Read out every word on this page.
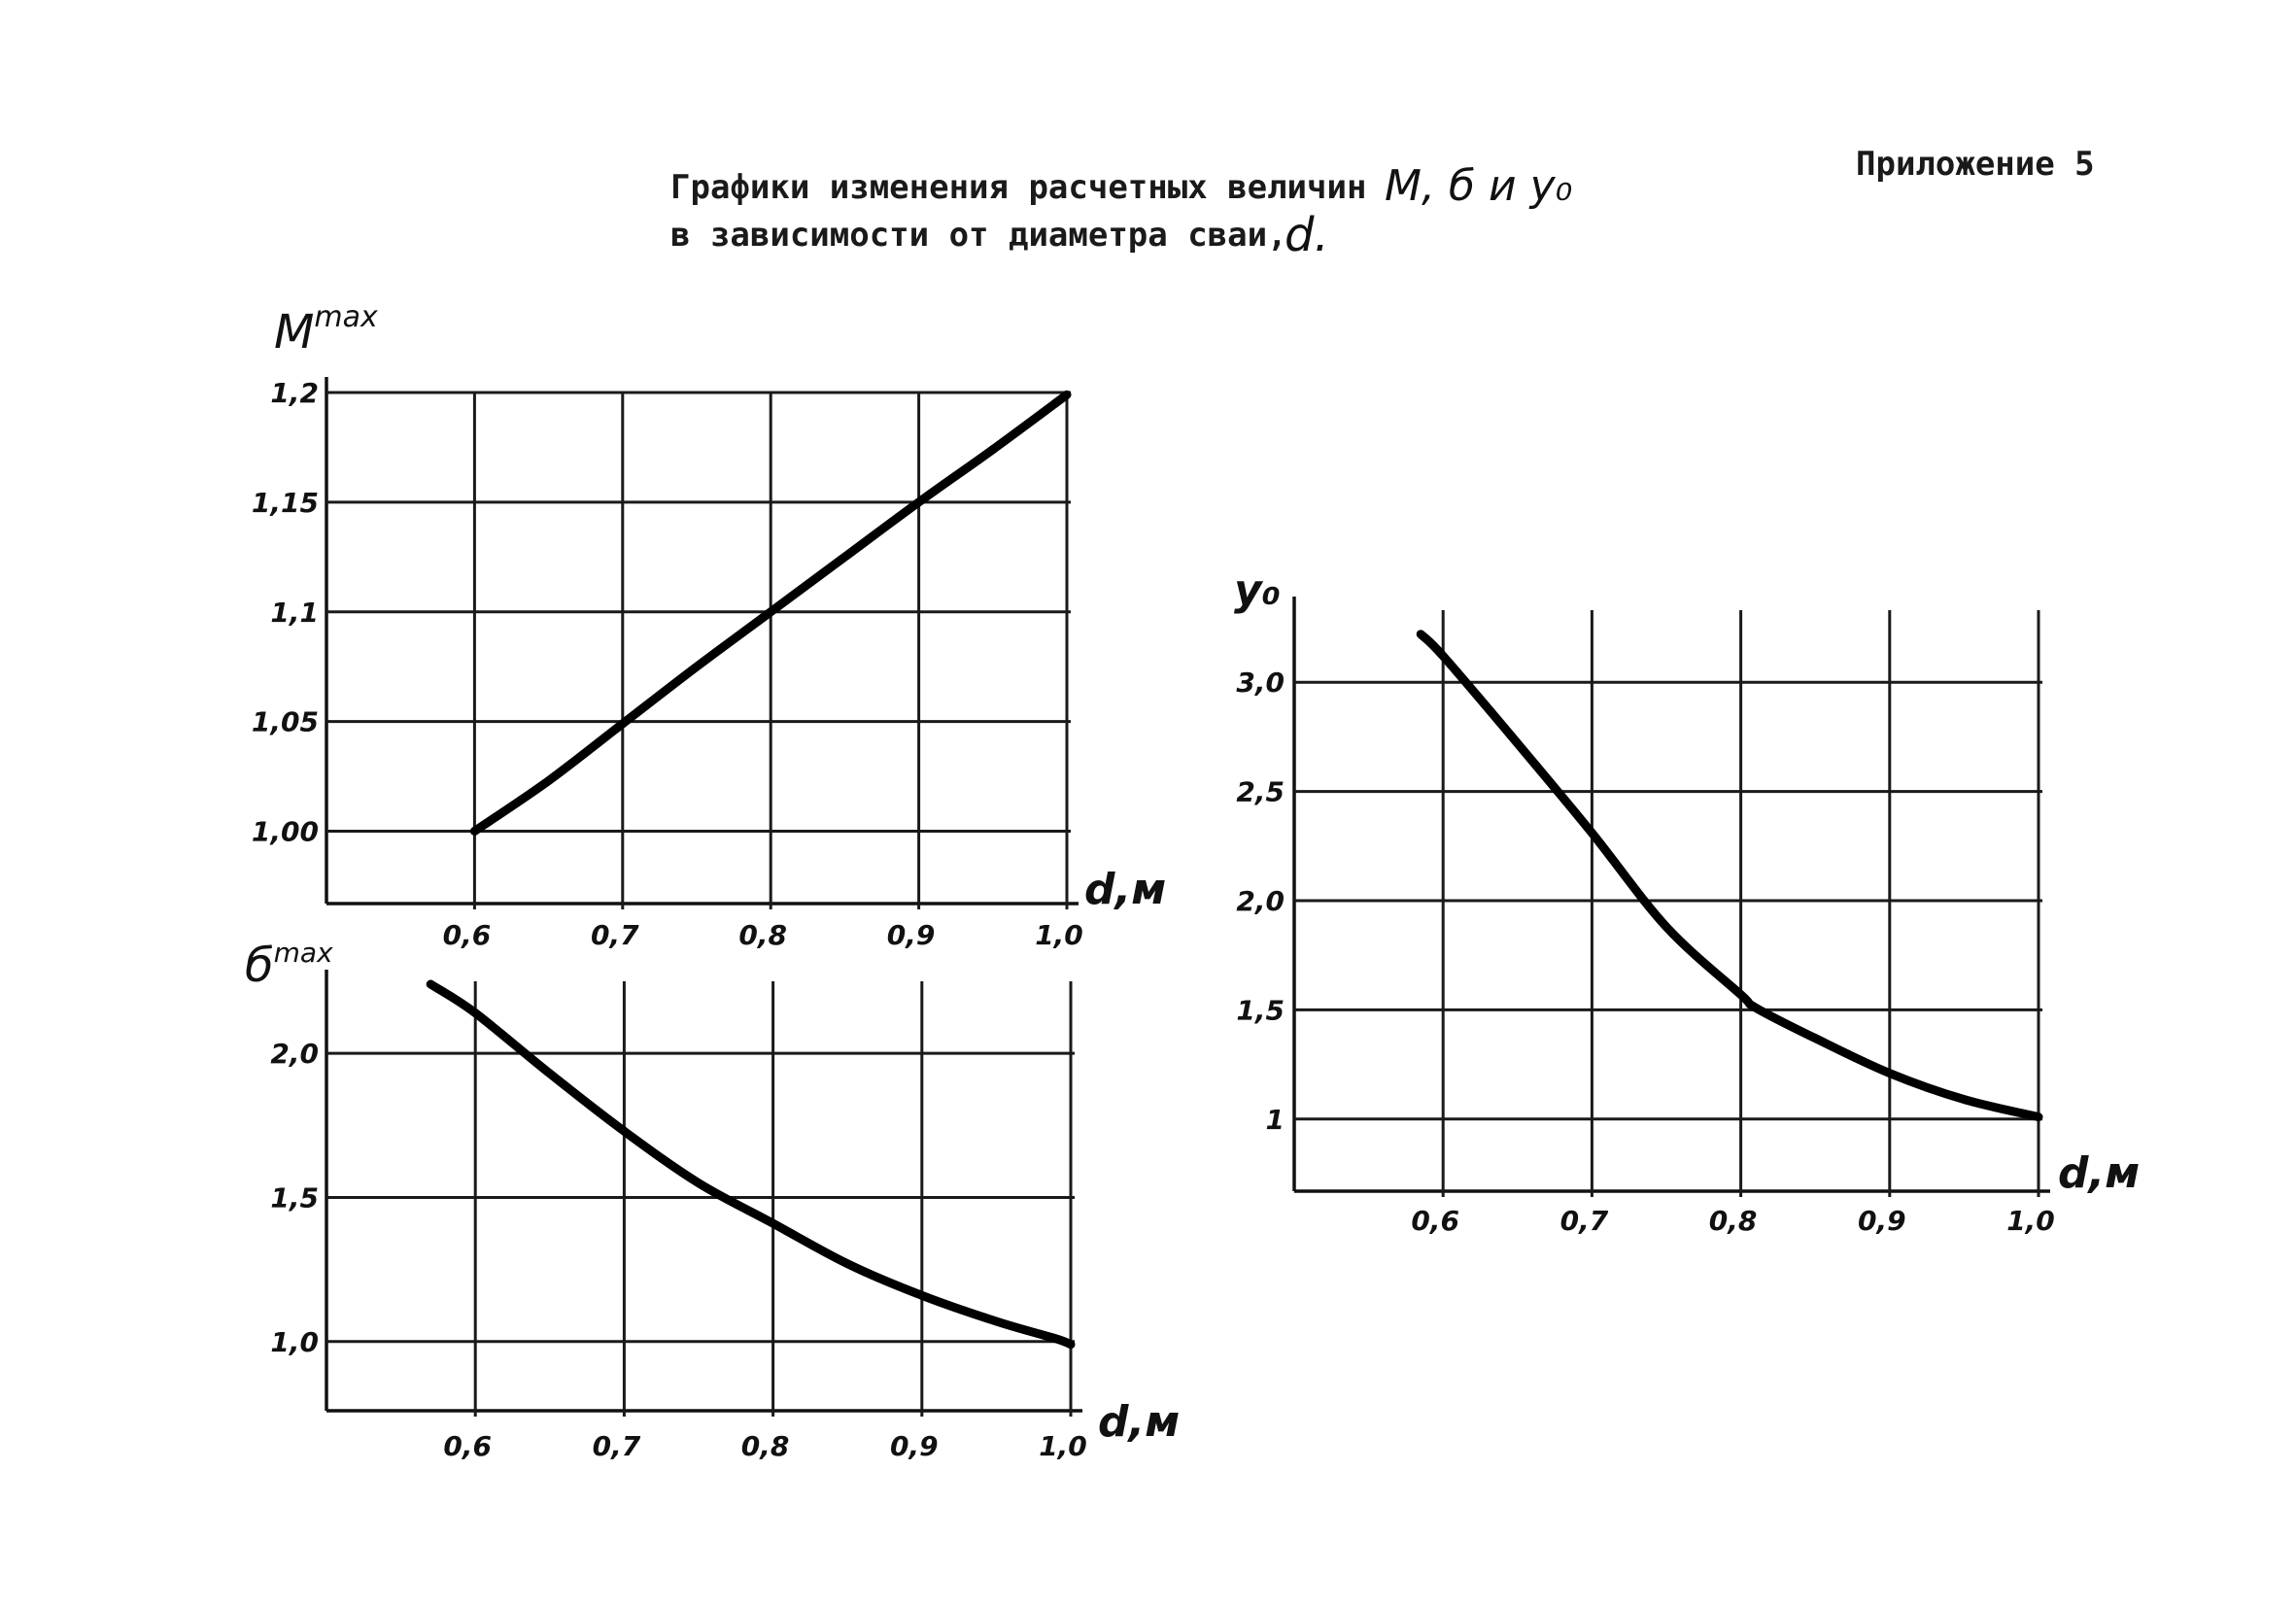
Приложение 5
Графики изменения расчетных величин М, б и y₀
в зависимости от диаметра сваи,
d.
$M^{max}$
d,м
0,6	0,7	0,8	0,9	1,0
1,00
1,05
1,1
1,15
1,2
$б^{max}$
d,м
0,6	0,7	0,8	0,9	1,0
1,0
1,5
2,0
y₀
d,м
0,6	0,7	0,8	0,9	1,0
1
1,5
2,0
2,5
3,0
